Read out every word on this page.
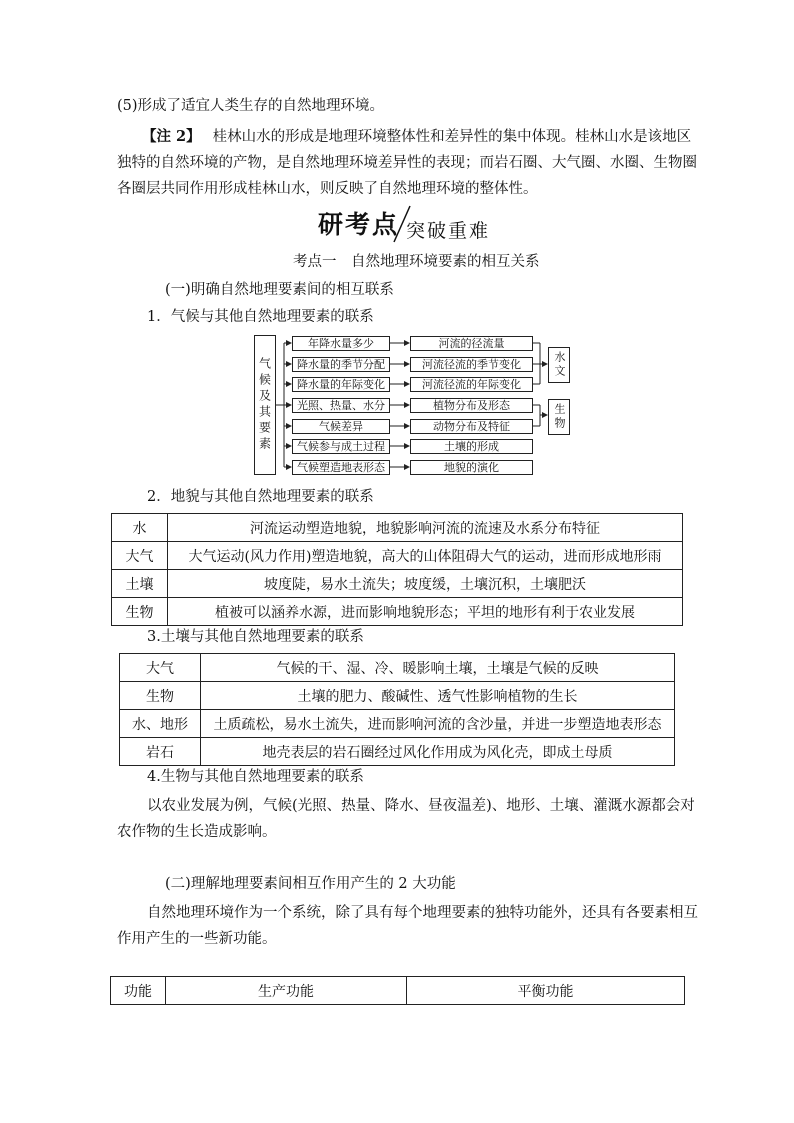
(5)形成了适宜人类生存的自然地理环境。
【注 2】 桂林山水的形成是地理环境整体性和差异性的集中体现。桂林山水是该地区
独特的自然环境的产物，是自然地理环境差异性的表现；而岩石圈、大气圈、水圈、生物圈
各圈层共同作用形成桂林山水，则反映了自然地理环境的整体性。
研考点 突破重难
考点一　自然地理环境要素的相互关系
(一)明确自然地理要素间的相互联系
1．气候与其他自然地理要素的联系
气候及其要素
年降水量多少
降水量的季节分配
降水量的年际变化
光照、热量、水分
气候差异
气候参与成土过程
气候塑造地表形态
河流的径流量
河流径流的季节变化
河流径流的年际变化
植物分布及形态
动物分布及特征
土壤的形成
地貌的演化
水文
生物
2．地貌与其他自然地理要素的联系
水	河流运动塑造地貌，地貌影响河流的流速及水系分布特征
大气	大气运动(风力作用)塑造地貌，高大的山体阻碍大气的运动，进而形成地形雨
土壤	坡度陡，易水土流失；坡度缓，土壤沉积，土壤肥沃
生物	植被可以涵养水源，进而影响地貌形态；平坦的地形有利于农业发展
3.土壤与其他自然地理要素的联系
大气	气候的干、湿、冷、暖影响土壤，土壤是气候的反映
生物	土壤的肥力、酸碱性、透气性影响植物的生长
水、地形	土质疏松，易水土流失，进而影响河流的含沙量，并进一步塑造地表形态
岩石	地壳表层的岩石圈经过风化作用成为风化壳，即成土母质
4.生物与其他自然地理要素的联系
以农业发展为例，气候(光照、热量、降水、昼夜温差)、地形、土壤、灌溉水源都会对
农作物的生长造成影响。
(二)理解地理要素间相互作用产生的 2 大功能
自然地理环境作为一个系统，除了具有每个地理要素的独特功能外，还具有各要素相互
作用产生的一些新功能。
功能	生产功能	平衡功能
